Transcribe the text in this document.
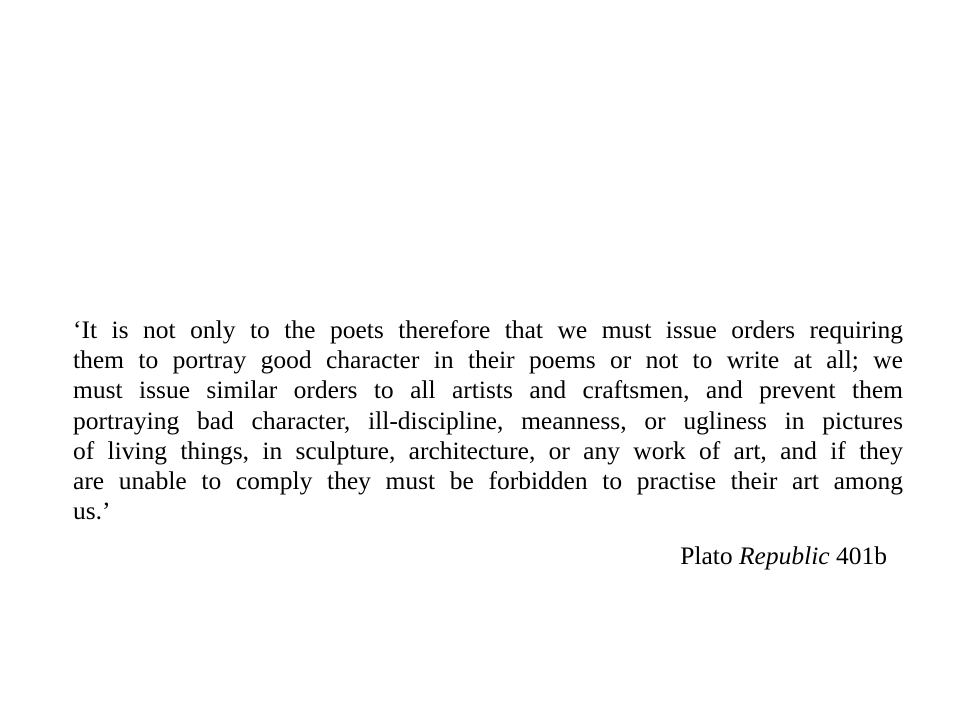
‘It is not only to the poets therefore that we must issue orders requiring
them to portray good character in their poems or not to write at all; we
must issue similar orders to all artists and craftsmen, and prevent them
portraying bad character, ill-discipline, meanness, or ugliness in pictures
of living things, in sculpture, architecture, or any work of art, and if they
are unable to comply they must be forbidden to practise their art among
us.’
Plato Republic 401b
